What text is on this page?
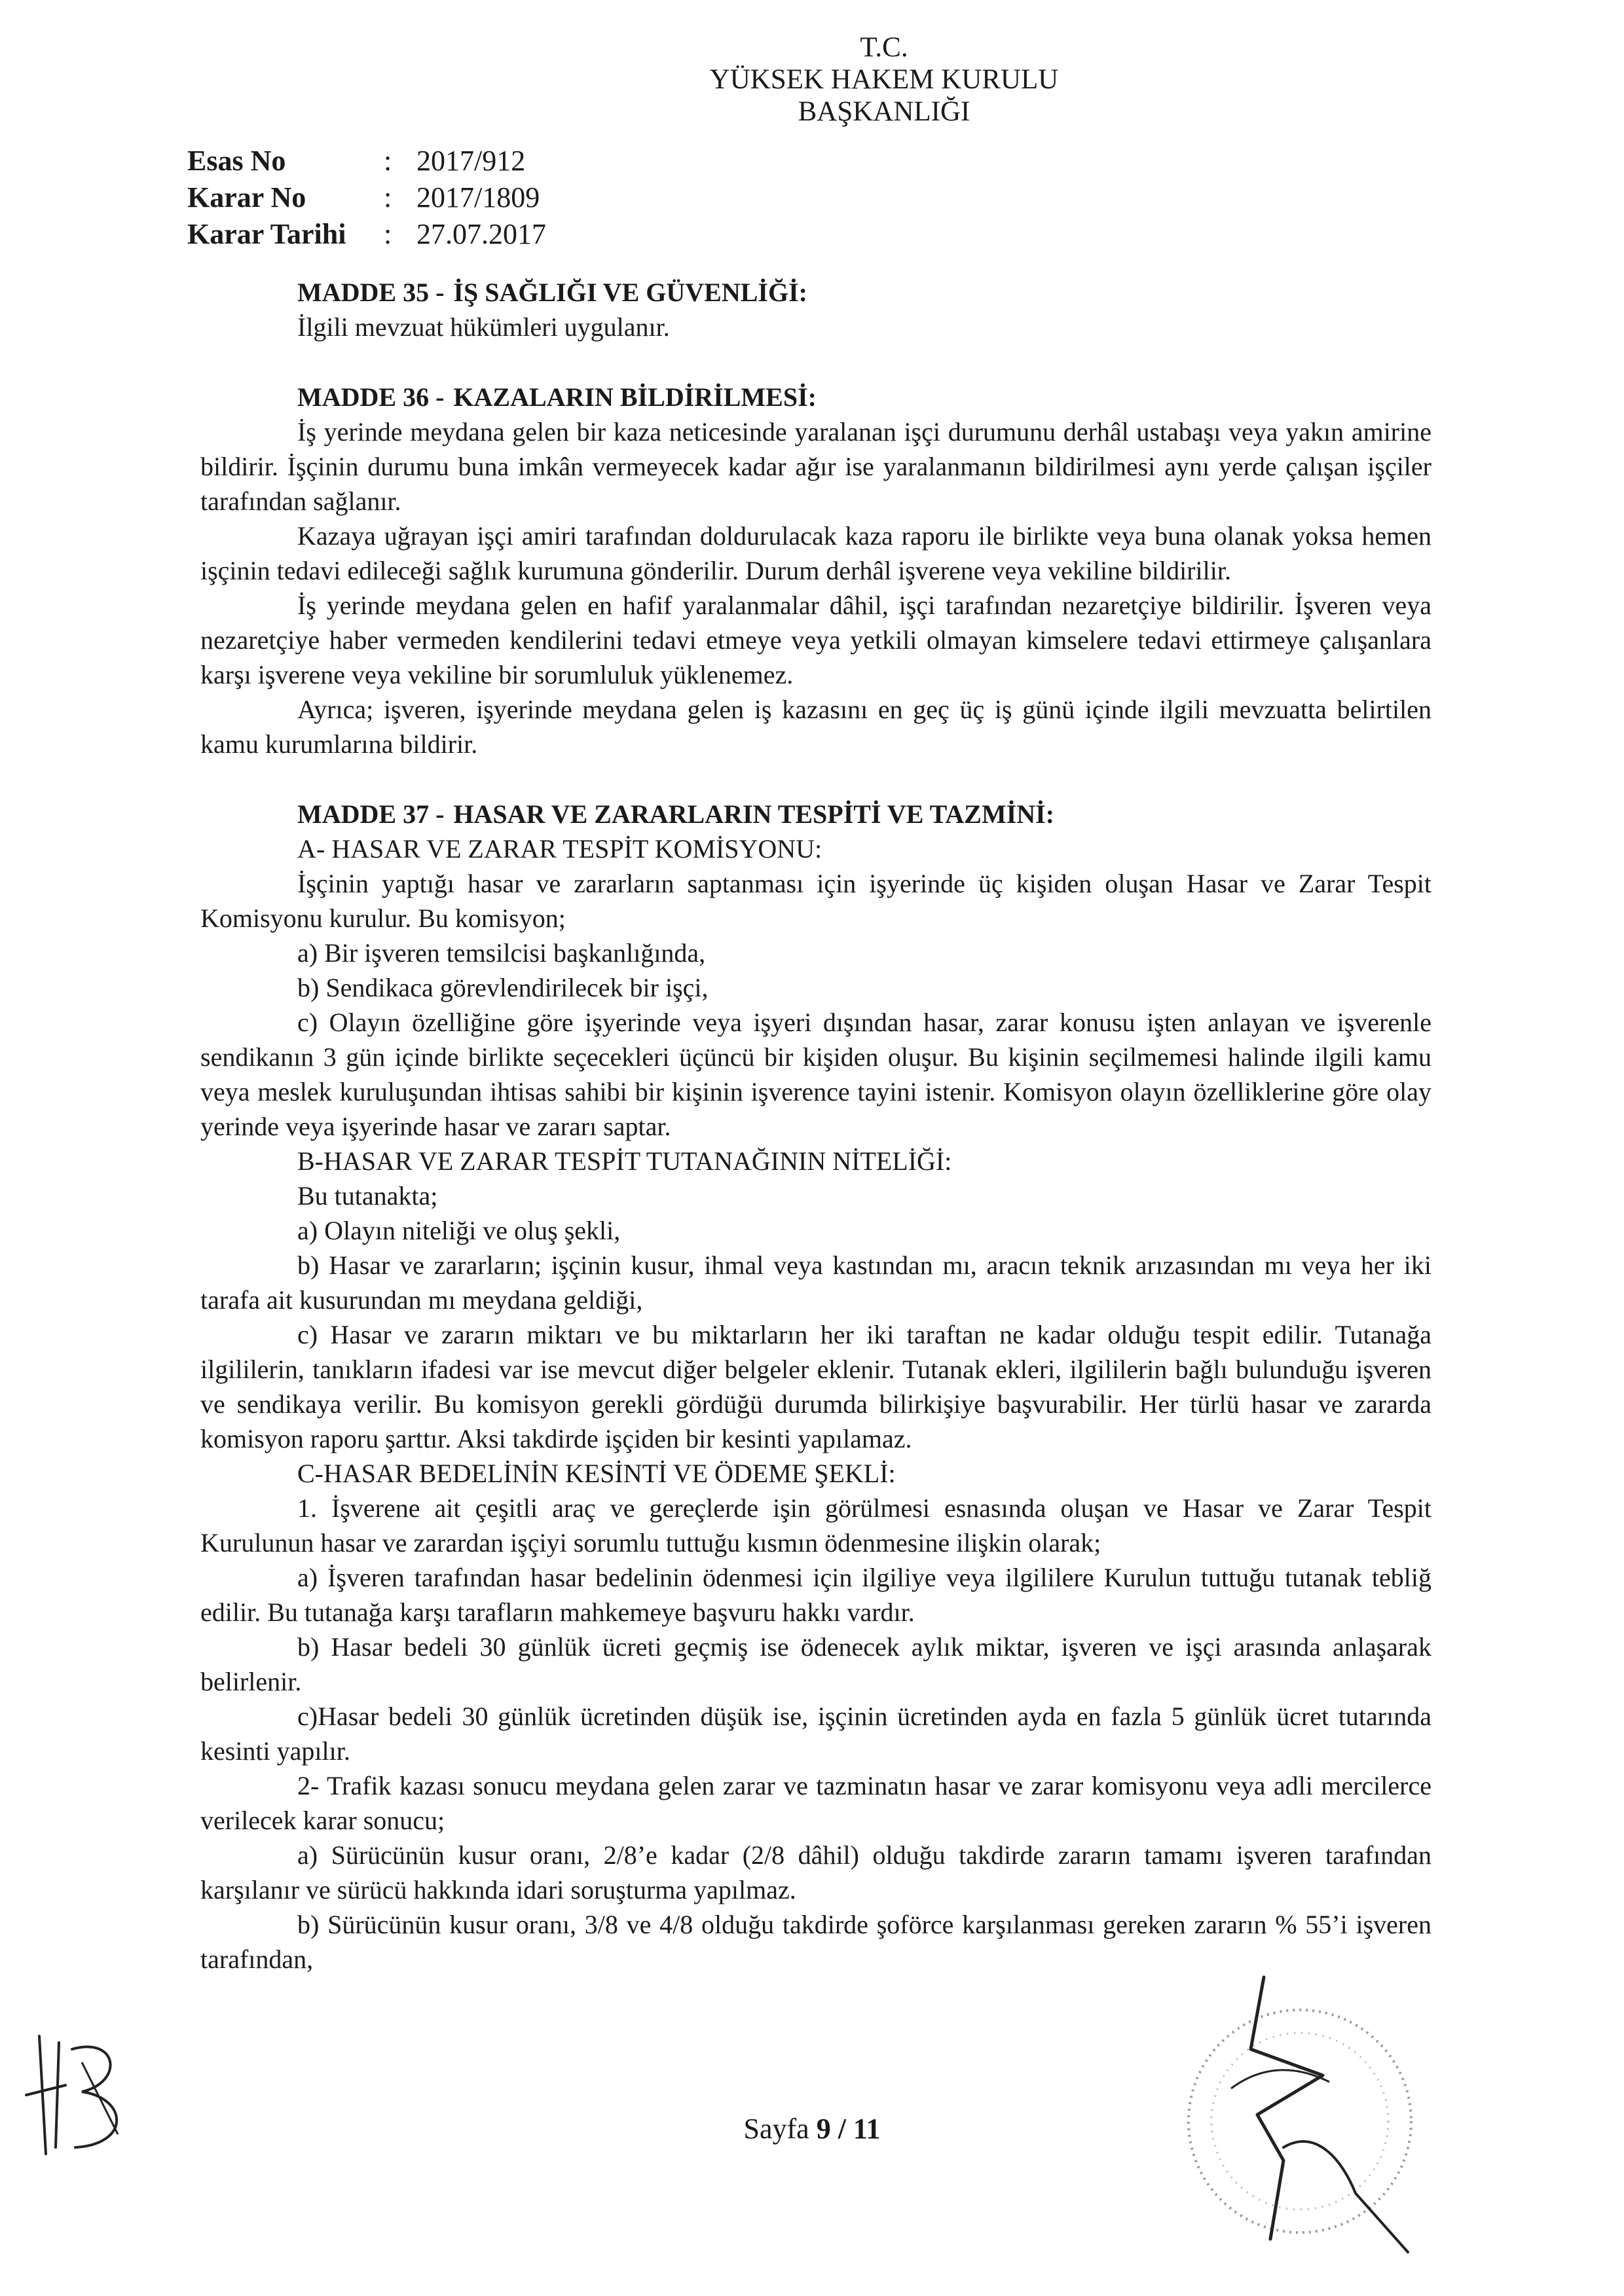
T.C.
YÜKSEK HAKEM KURULU
BAŞKANLIĞI
Esas No	: 2017/912
Karar No	: 2017/1809
Karar Tarihi	: 27.07.2017
MADDE 35 - İŞ SAĞLIĞI VE GÜVENLİĞİ:

İlgili mevzuat hükümleri uygulanır.

MADDE 36 - KAZALARIN BİLDİRİLMESİ:

İş yerinde meydana gelen bir kaza neticesinde yaralanan işçi durumunu derhâl ustabaşı veya yakın amirine bildirir. İşçinin durumu buna imkân vermeyecek kadar ağır ise yaralanmanın bildirilmesi aynı yerde çalışan işçiler tarafından sağlanır.

Kazaya uğrayan işçi amiri tarafından doldurulacak kaza raporu ile birlikte veya buna olanak yoksa hemen işçinin tedavi edileceği sağlık kurumuna gönderilir. Durum derhâl işverene veya vekiline bildirilir.

İş yerinde meydana gelen en hafif yaralanmalar dâhil, işçi tarafından nezaretçiye bildirilir. İşveren veya nezaretçiye haber vermeden kendilerini tedavi etmeye veya yetkili olmayan kimselere tedavi ettirmeye çalışanlara karşı işverene veya vekiline bir sorumluluk yüklenemez.

Ayrıca; işveren, işyerinde meydana gelen iş kazasını en geç üç iş günü içinde ilgili mevzuatta belirtilen kamu kurumlarına bildirir.

MADDE 37 - HASAR VE ZARARLARIN TESPİTİ VE TAZMİNİ:
A- HASAR VE ZARAR TESPİT KOMİSYONU:

İşçinin yaptığı hasar ve zararların saptanması için işyerinde üç kişiden oluşan Hasar ve Zarar Tespit Komisyonu kurulur. Bu komisyon;

a) Bir işveren temsilcisi başkanlığında,

b) Sendikaca görevlendirilecek bir işçi,

c) Olayın özelliğine göre işyerinde veya işyeri dışından hasar, zarar konusu işten anlayan ve işverenle sendikanın 3 gün içinde birlikte seçecekleri üçüncü bir kişiden oluşur. Bu kişinin seçilmemesi halinde ilgili kamu veya meslek kuruluşundan ihtisas sahibi bir kişinin işverence tayini istenir. Komisyon olayın özelliklerine göre olay yerinde veya işyerinde hasar ve zararı saptar.

B-HASAR VE ZARAR TESPİT TUTANAĞININ NİTELİĞİ:
Bu tutanakta;

a) Olayın niteliği ve oluş şekli,

b) Hasar ve zararların; işçinin kusur, ihmal veya kastından mı, aracın teknik arızasından mı veya her iki tarafa ait kusurundan mı meydana geldiği,

c) Hasar ve zararın miktarı ve bu miktarların her iki taraftan ne kadar olduğu tespit edilir. Tutanağa ilgililerin, tanıkların ifadesi var ise mevcut diğer belgeler eklenir. Tutanak ekleri, ilgililerin bağlı bulunduğu işveren ve sendikaya verilir. Bu komisyon gerekli gördüğü durumda bilirkişiye başvurabilir. Her türlü hasar ve zararda komisyon raporu şarttır. Aksi takdirde işçiden bir kesinti yapılamaz.

C-HASAR BEDELİNİN KESİNTİ VE ÖDEME ŞEKLİ:

1. İşverene ait çeşitli araç ve gereçlerde işin görülmesi esnasında oluşan ve Hasar ve Zarar Tespit Kurulunun hasar ve zarardan işçiyi sorumlu tuttuğu kısmın ödenmesine ilişkin olarak;

a) İşveren tarafından hasar bedelinin ödenmesi için ilgiliye veya ilgililere Kurulun tuttuğu tutanak tebliğ edilir. Bu tutanağa karşı tarafların mahkemeye başvuru hakkı vardır.

b) Hasar bedeli 30 günlük ücreti geçmiş ise ödenecek aylık miktar, işveren ve işçi arasında anlaşarak belirlenir.

c)Hasar bedeli 30 günlük ücretinden düşük ise, işçinin ücretinden ayda en fazla 5 günlük ücret tutarında kesinti yapılır.

2- Trafik kazası sonucu meydana gelen zarar ve tazminatın hasar ve zarar komisyonu veya adli mercilerce verilecek karar sonucu;

a) Sürücünün kusur oranı, 2/8’e kadar (2/8 dâhil) olduğu takdirde zararın tamamı işveren tarafından karşılanır ve sürücü hakkında idari soruşturma yapılmaz.

b) Sürücünün kusur oranı, 3/8 ve 4/8 olduğu takdirde şoförce karşılanması gereken zararın % 55’i işveren tarafından,

Sayfa 9 / 11
